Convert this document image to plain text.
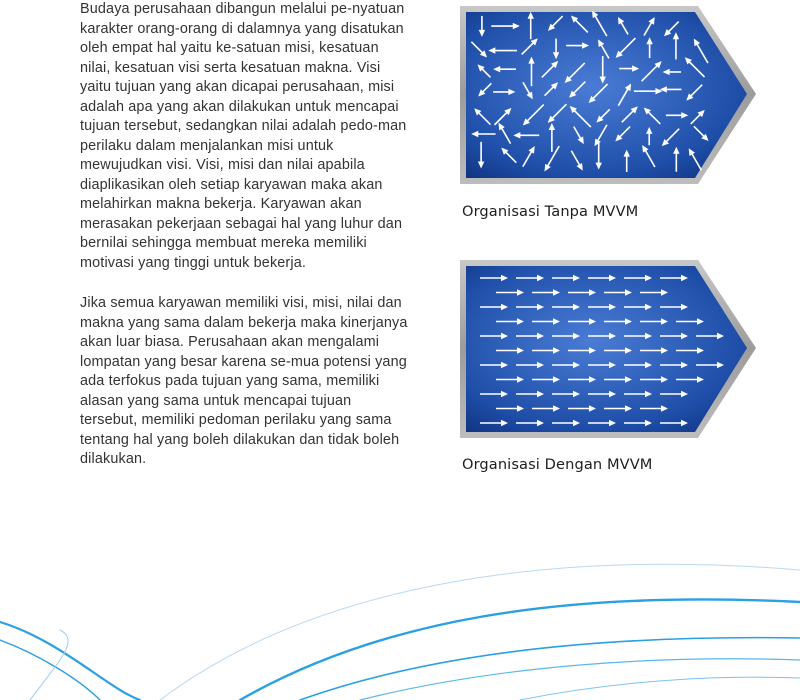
Budaya perusahaan dibangun melalui pe-nyatuan karakter orang-orang di dalamnya yang disatukan oleh empat hal yaitu ke-satuan misi, kesatuan nilai, kesatuan visi serta kesatuan makna. Visi yaitu tujuan yang akan dicapai perusahaan, misi adalah apa yang akan dilakukan untuk mencapai tujuan tersebut, sedangkan nilai adalah pedo-man perilaku dalam menjalankan misi untuk mewujudkan visi. Visi, misi dan nilai apabila diaplikasikan oleh setiap karyawan maka akan melahirkan makna bekerja. Karyawan akan merasakan pekerjaan sebagai hal yang luhur dan bernilai sehingga membuat mereka memiliki motivasi yang tinggi untuk bekerja.

Jika semua karyawan memiliki visi, misi, nilai dan makna yang sama dalam bekerja maka kinerjanya akan luar biasa. Perusahaan akan mengalami lompatan yang besar karena se-mua potensi yang ada terfokus pada tujuan yang sama, memiliki alasan yang sama untuk mencapai tujuan tersebut, memiliki pedoman perilaku yang sama tentang hal yang boleh dilakukan dan tidak boleh dilakukan.

Organisasi Tanpa MVVM
Organisasi Dengan MVVM
